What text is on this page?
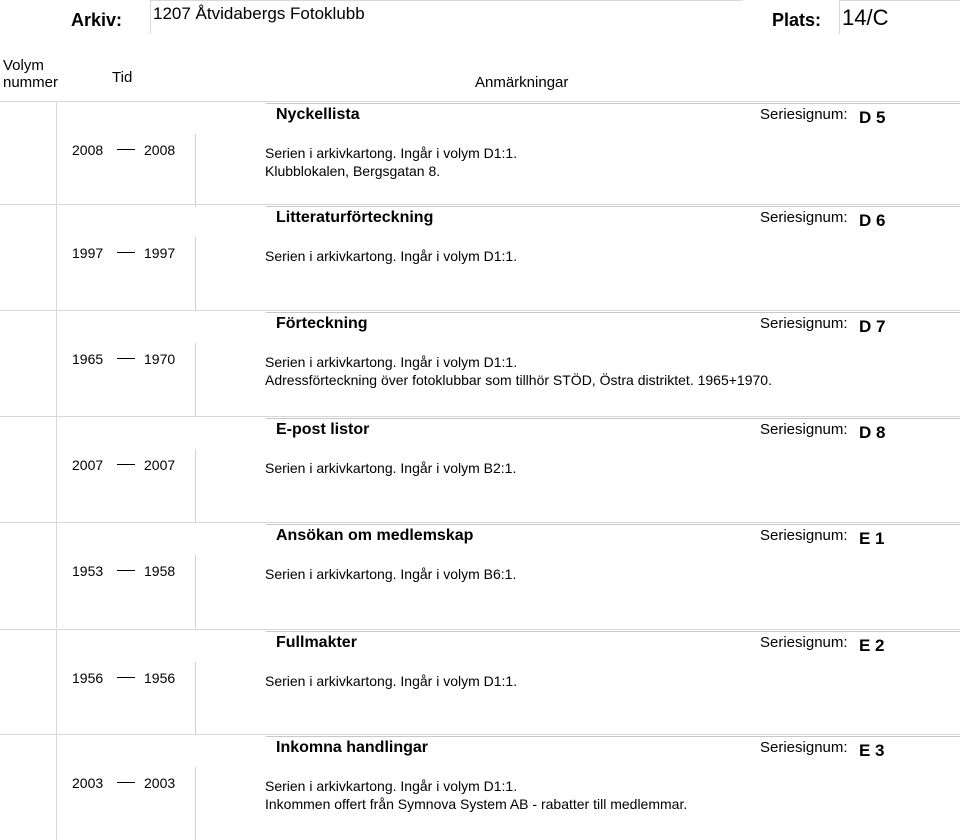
Arkiv: 1207 Åtvidabergs Fotoklubb	Plats: 14/C
Volym
nummer	Tid	Anmärkningar
Nyckellista	Seriesignum: D 5
2008	2008	Serien i arkivkartong. Ingår i volym D1:1.
Klubblokalen, Bergsgatan 8.
Litteraturförteckning	Seriesignum: D 6
1997	1997	Serien i arkivkartong. Ingår i volym D1:1.
Förteckning	Seriesignum: D 7
1965	1970	Serien i arkivkartong. Ingår i volym D1:1.
Adressförteckning över fotoklubbar som tillhör STÖD, Östra distriktet. 1965+1970.
E-post listor	Seriesignum: D 8
2007	2007	Serien i arkivkartong. Ingår i volym B2:1.
Ansökan om medlemskap	Seriesignum: E 1
1953	1958	Serien i arkivkartong. Ingår i volym B6:1.
Fullmakter	Seriesignum: E 2
1956	1956	Serien i arkivkartong. Ingår i volym D1:1.
Inkomna handlingar	Seriesignum: E 3
2003	2003	Serien i arkivkartong. Ingår i volym D1:1.
Inkommen offert från Symnova System AB - rabatter till medlemmar.
